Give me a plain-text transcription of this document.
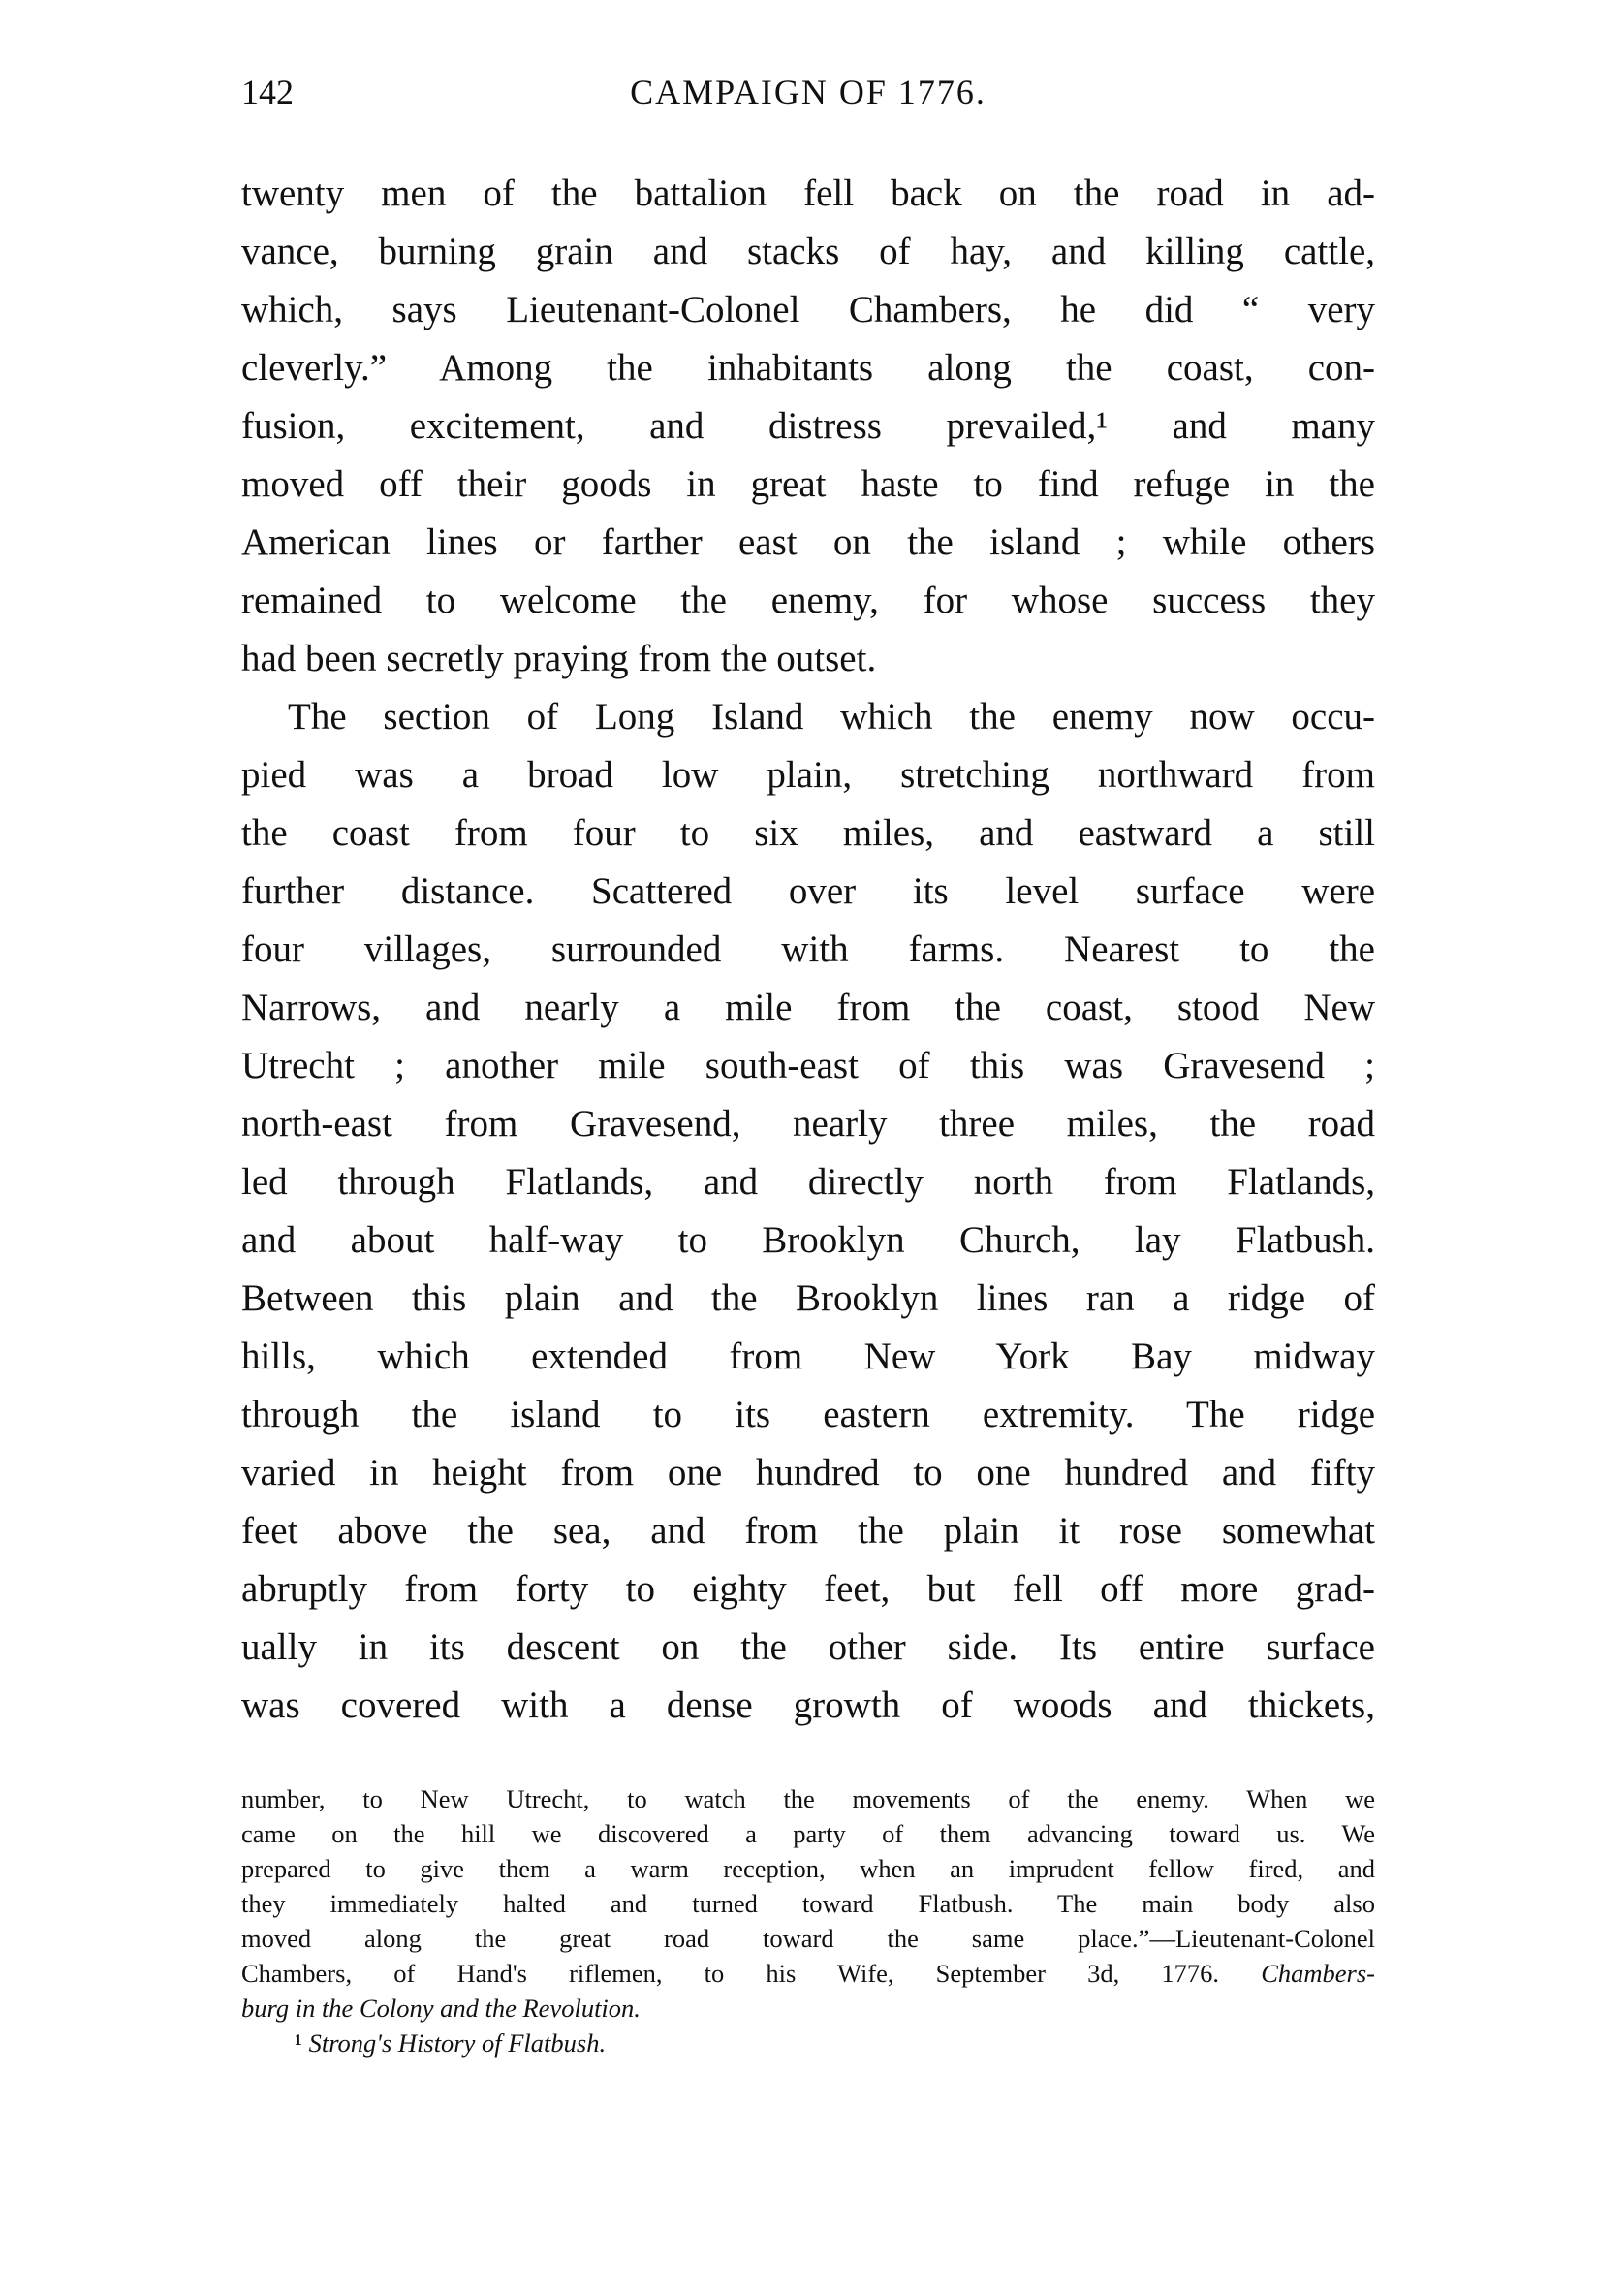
142	CAMPAIGN OF 1776.
twenty men of the battalion fell back on the road in ad-
vance, burning grain and stacks of hay, and killing cattle,
which, says Lieutenant-Colonel Chambers, he did “ very
cleverly.” Among the inhabitants along the coast, con-
fusion, excitement, and distress prevailed,¹ and many
moved off their goods in great haste to find refuge in the
American lines or farther east on the island ; while others
remained to welcome the enemy, for whose success they
had been secretly praying from the outset.
The section of Long Island which the enemy now occu-
pied was a broad low plain, stretching northward from
the coast from four to six miles, and eastward a still
further distance. Scattered over its level surface were
four villages, surrounded with farms. Nearest to the
Narrows, and nearly a mile from the coast, stood New
Utrecht ; another mile south-east of this was Gravesend ;
north-east from Gravesend, nearly three miles, the road
led through Flatlands, and directly north from Flatlands,
and about half-way to Brooklyn Church, lay Flatbush.
Between this plain and the Brooklyn lines ran a ridge of
hills, which extended from New York Bay midway
through the island to its eastern extremity. The ridge
varied in height from one hundred to one hundred and fifty
feet above the sea, and from the plain it rose somewhat
abruptly from forty to eighty feet, but fell off more grad-
ually in its descent on the other side. Its entire surface
was covered with a dense growth of woods and thickets,
number, to New Utrecht, to watch the movements of the enemy. When we
came on the hill we discovered a party of them advancing toward us. We
prepared to give them a warm reception, when an imprudent fellow fired, and
they immediately halted and turned toward Flatbush. The main body also
moved along the great road toward the same place.”—Lieutenant-Colonel
Chambers, of Hand's riflemen, to his Wife, September 3d, 1776. Chambers-
burg in the Colony and the Revolution.
¹ Strong's History of Flatbush.
